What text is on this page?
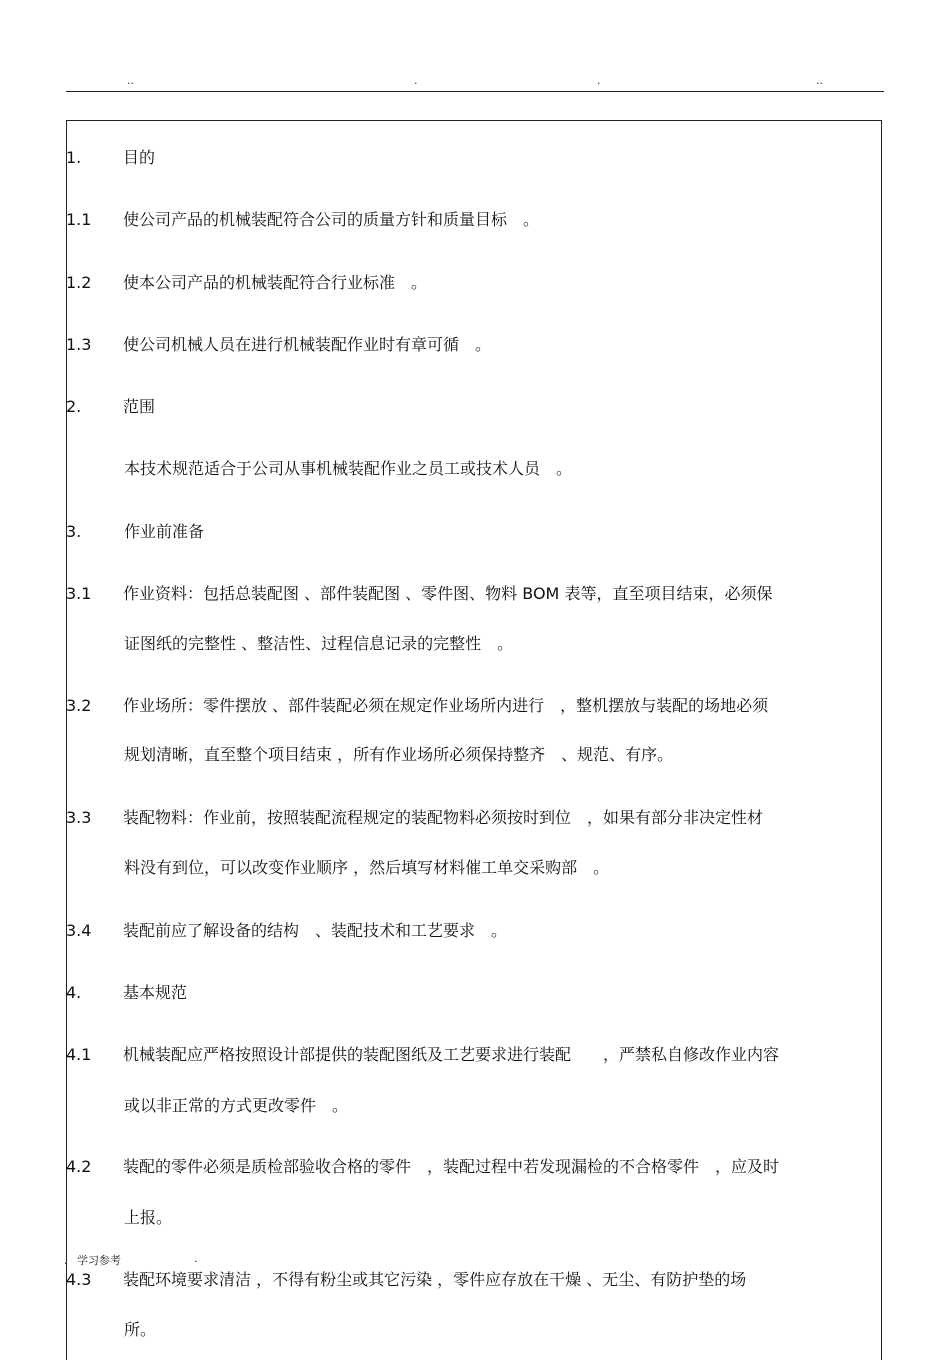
..	.	.	..
1.	目的
1.1	使公司产品的机械装配符合公司的质量方针和质量目标　。
1.2	使本公司产品的机械装配符合行业标准　。
1.3	使公司机械人员在进行机械装配作业时有章可循　。
2.	范围
本技术规范适合于公司从事机械装配作业之员工或技术人员　。
3.	作业前准备
3.1	作业资料：包括总装配图 、部件装配图 、零件图、物料 BOM 表等，直至项目结束，必须保
证图纸的完整性 、整洁性、过程信息记录的完整性　。
3.2	作业场所：零件摆放 、部件装配必须在规定作业场所内进行　，整机摆放与装配的场地必须
规划清晰，直至整个项目结束 ，所有作业场所必须保持整齐　、规范、有序。
3.3	装配物料：作业前，按照装配流程规定的装配物料必须按时到位　，如果有部分非决定性材
料没有到位，可以改变作业顺序 ，然后填写材料催工单交采购部　。
3.4	装配前应了解设备的结构　、装配技术和工艺要求　。
4.	基本规范
4.1	机械装配应严格按照设计部提供的装配图纸及工艺要求进行装配　　，严禁私自修改作业内容
或以非正常的方式更改零件　。
4.2	装配的零件必须是质检部验收合格的零件　，装配过程中若发现漏检的不合格零件　，应及时
上报。
. 学习参考	.
4.3	装配环境要求清洁 ，不得有粉尘或其它污染 ，零件应存放在干燥 、无尘、有防护垫的场
所。
